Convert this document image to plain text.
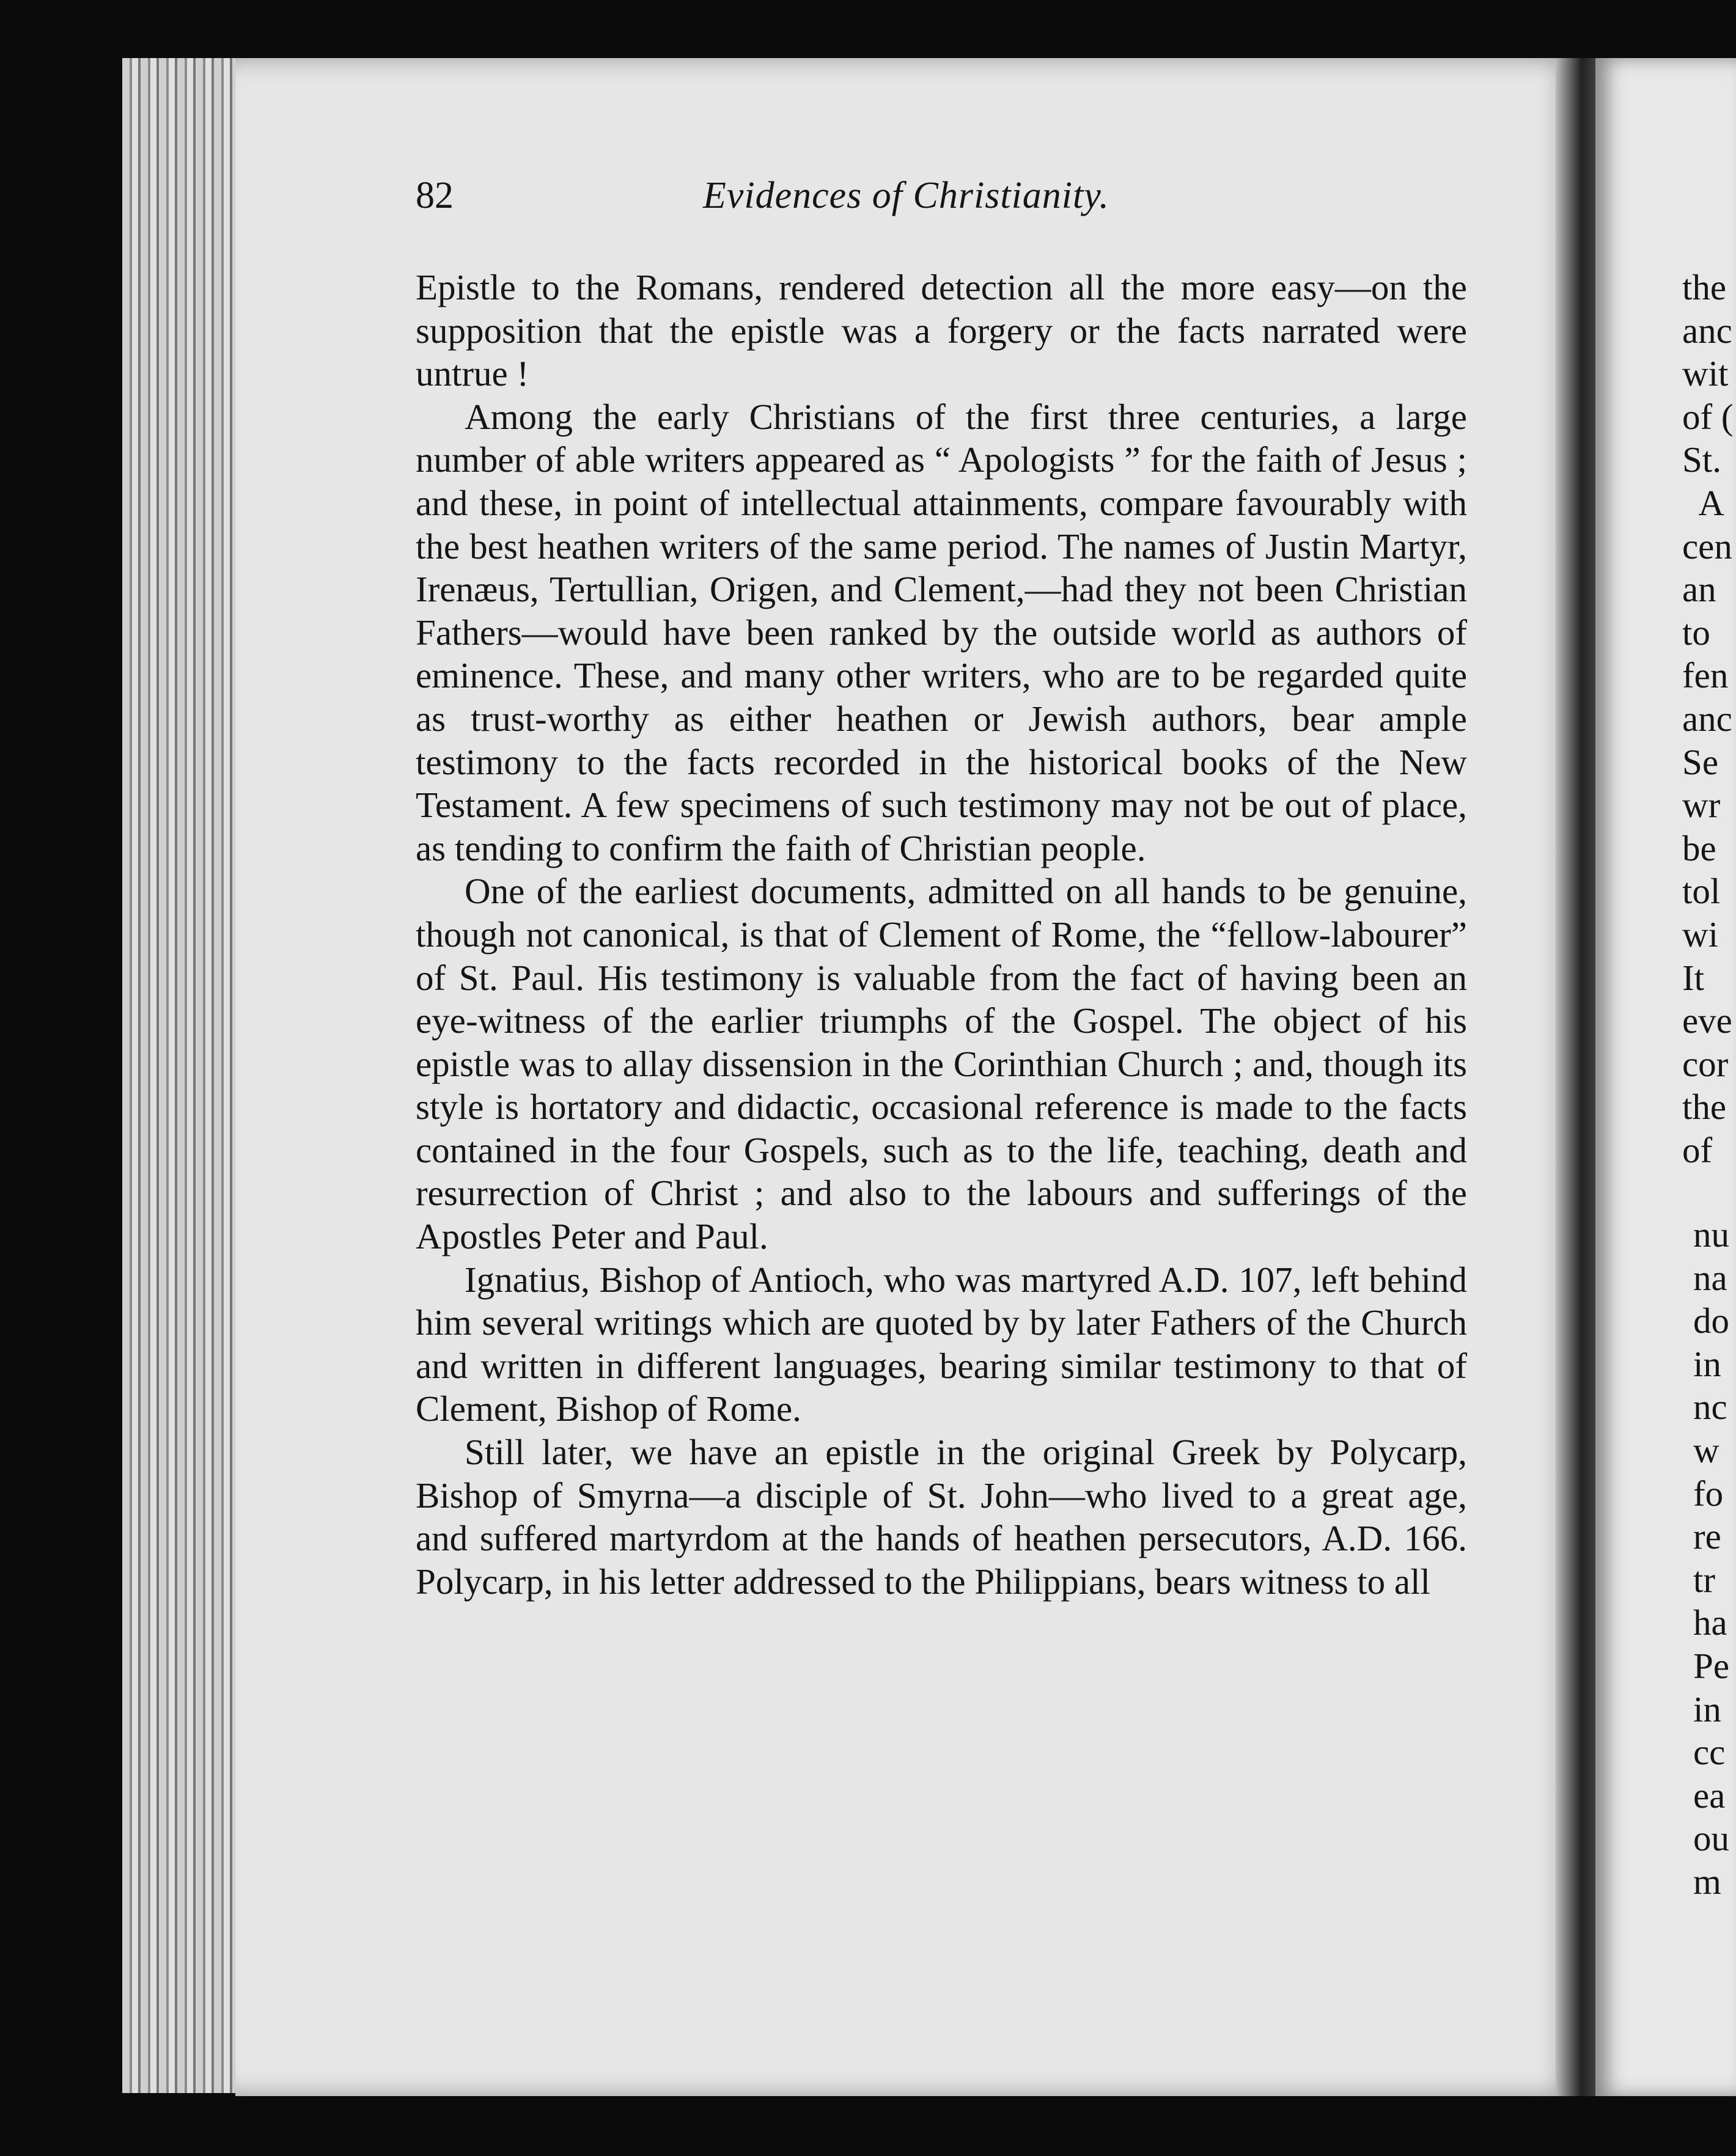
82	Evidences of Christianity.

Epistle to the Romans, rendered detection all the more easy—on the supposition that the epistle was a forgery or the facts narrated were untrue !

Among the early Christians of the first three centuries, a large number of able writers appeared as “ Apologists ” for the faith of Jesus ; and these, in point of intellectual attainments, compare favourably with the best heathen writers of the same period. The names of Justin Martyr, Irenæus, Tertullian, Origen, and Clement,—had they not been Christian Fathers—would have been ranked by the outside world as authors of eminence. These, and many other writers, who are to be regarded quite as trust-worthy as either heathen or Jewish authors, bear ample testimony to the facts recorded in the historical books of the New Testament. A few specimens of such testimony may not be out of place, as tending to confirm the faith of Christian people.

One of the earliest documents, admitted on all hands to be genuine, though not canonical, is that of Clement of Rome, the “fellow-labourer” of St. Paul. His testimony is valuable from the fact of having been an eye-witness of the earlier triumphs of the Gospel. The object of his epistle was to allay dissension in the Corinthian Church ; and, though its style is hortatory and didactic, occasional reference is made to the facts contained in the four Gospels, such as to the life, teaching, death and resurrection of Christ ; and also to the labours and sufferings of the Apostles Peter and Paul.

Ignatius, Bishop of Antioch, who was martyred A.D. 107, left behind him several writings which are quoted by by later Fathers of the Church and written in different languages, bearing similar testimony to that of Clement, Bishop of Rome.

Still later, we have an epistle in the original Greek by Polycarp, Bishop of Smyrna—a disciple of St. John—who lived to a great age, and suffered martyrdom at the hands of heathen persecutors, A.D. 166. Polycarp, in his letter addressed to the Philippians, bears witness to all

the
anc
wit
of (
St.
A
cen
an
to
fen
anc
Se
wr
be
tol
wi
It
eve
cor
the
of
nu
na
do
in
nc
w
fo
re
tr
ha
Pe
in
cc
ea
ou
m
